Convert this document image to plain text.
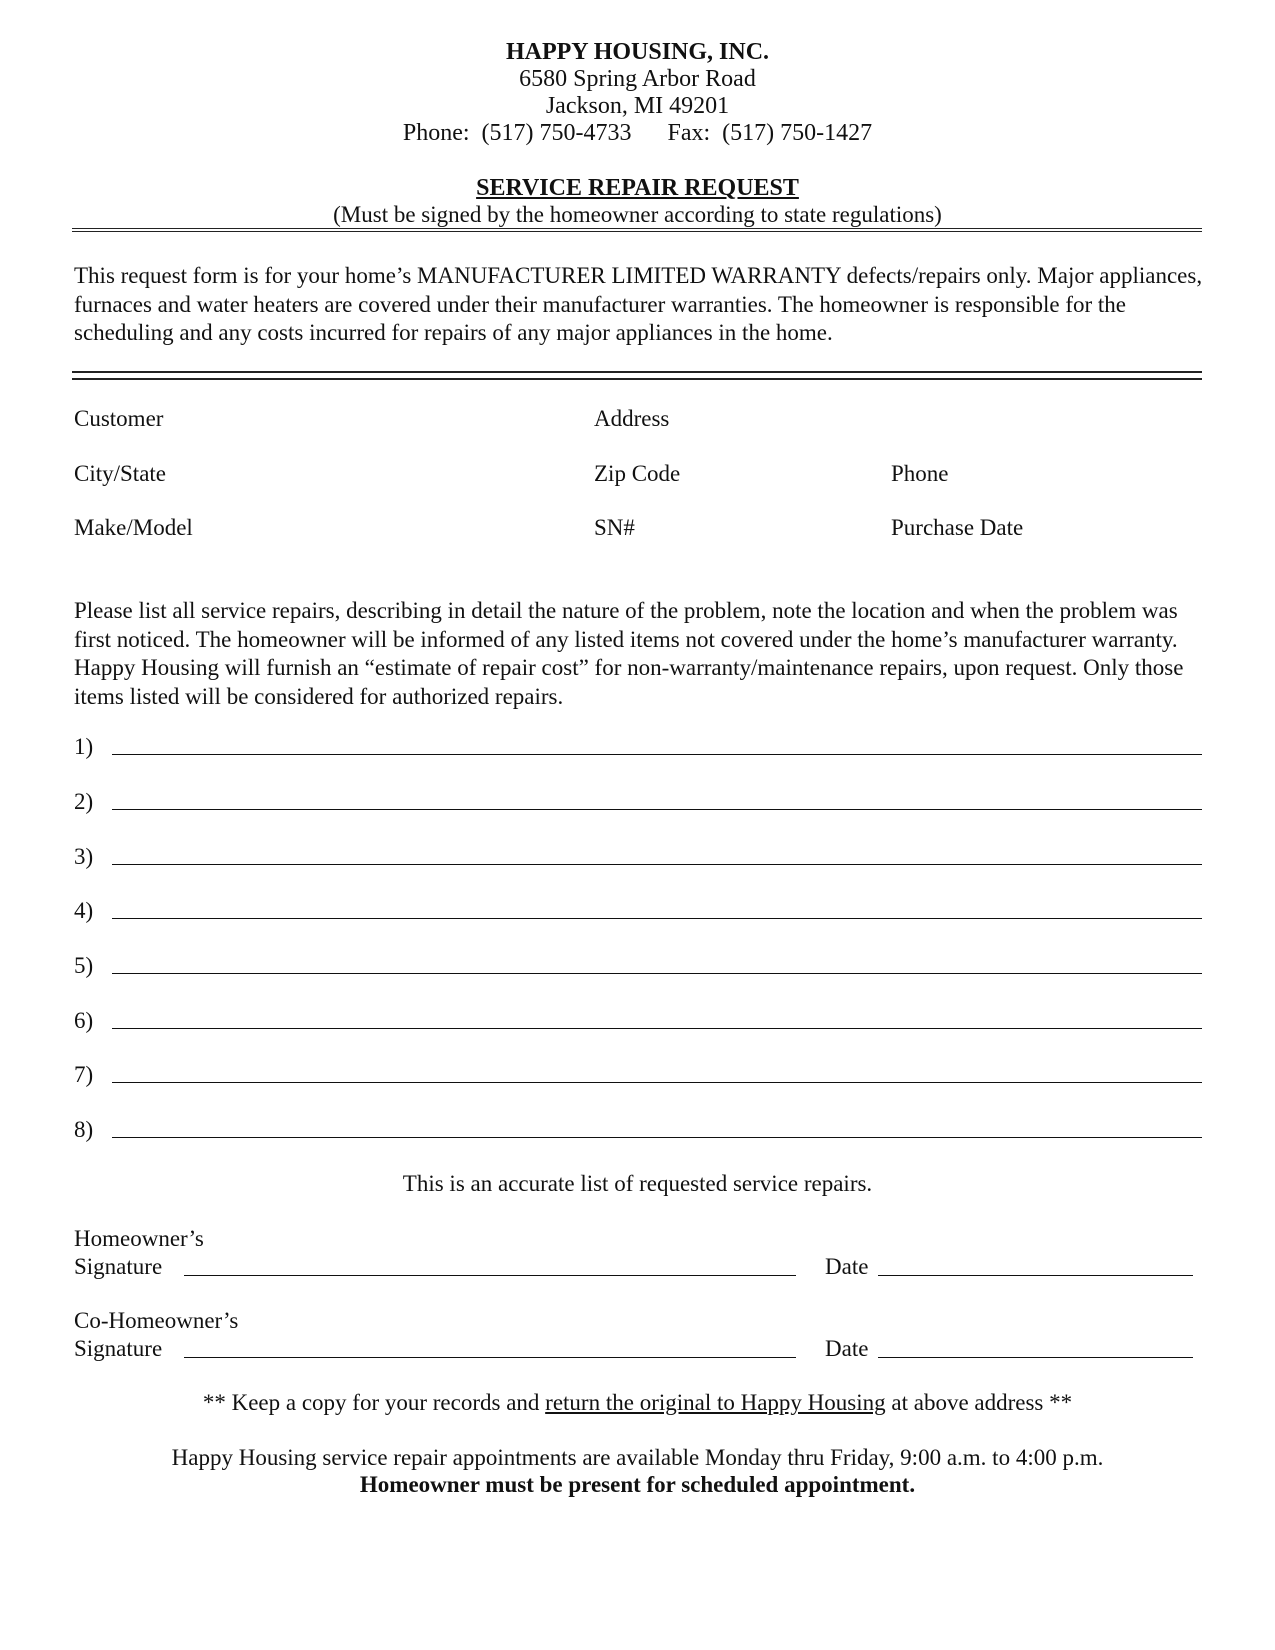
HAPPY HOUSING, INC.
6580 Spring Arbor Road
Jackson, MI 49201
Phone:  (517) 750-4733      Fax:  (517) 750-1427
SERVICE REPAIR REQUEST
(Must be signed by the homeowner according to state regulations)
This request form is for your home’s MANUFACTURER LIMITED WARRANTY defects/repairs only. Major appliances, furnaces and water heaters are covered under their manufacturer warranties. The homeowner is responsible for the scheduling and any costs incurred for repairs of any major appliances in the home.
Customer	Address
City/State	Zip Code	Phone
Make/Model	SN#	Purchase Date
Please list all service repairs, describing in detail the nature of the problem, note the location and when the problem was first noticed. The homeowner will be informed of any listed items not covered under the home’s manufacturer warranty. Happy Housing will furnish an “estimate of repair cost” for non-warranty/maintenance repairs, upon request. Only those items listed will be considered for authorized repairs.
1)
2)
3)
4)
5)
6)
7)
8)
This is an accurate list of requested service repairs.
Homeowner’s
Signature	Date
Co-Homeowner’s
Signature	Date
** Keep a copy for your records and return the original to Happy Housing at above address **
Happy Housing service repair appointments are available Monday thru Friday, 9:00 a.m. to 4:00 p.m.
Homeowner must be present for scheduled appointment.
